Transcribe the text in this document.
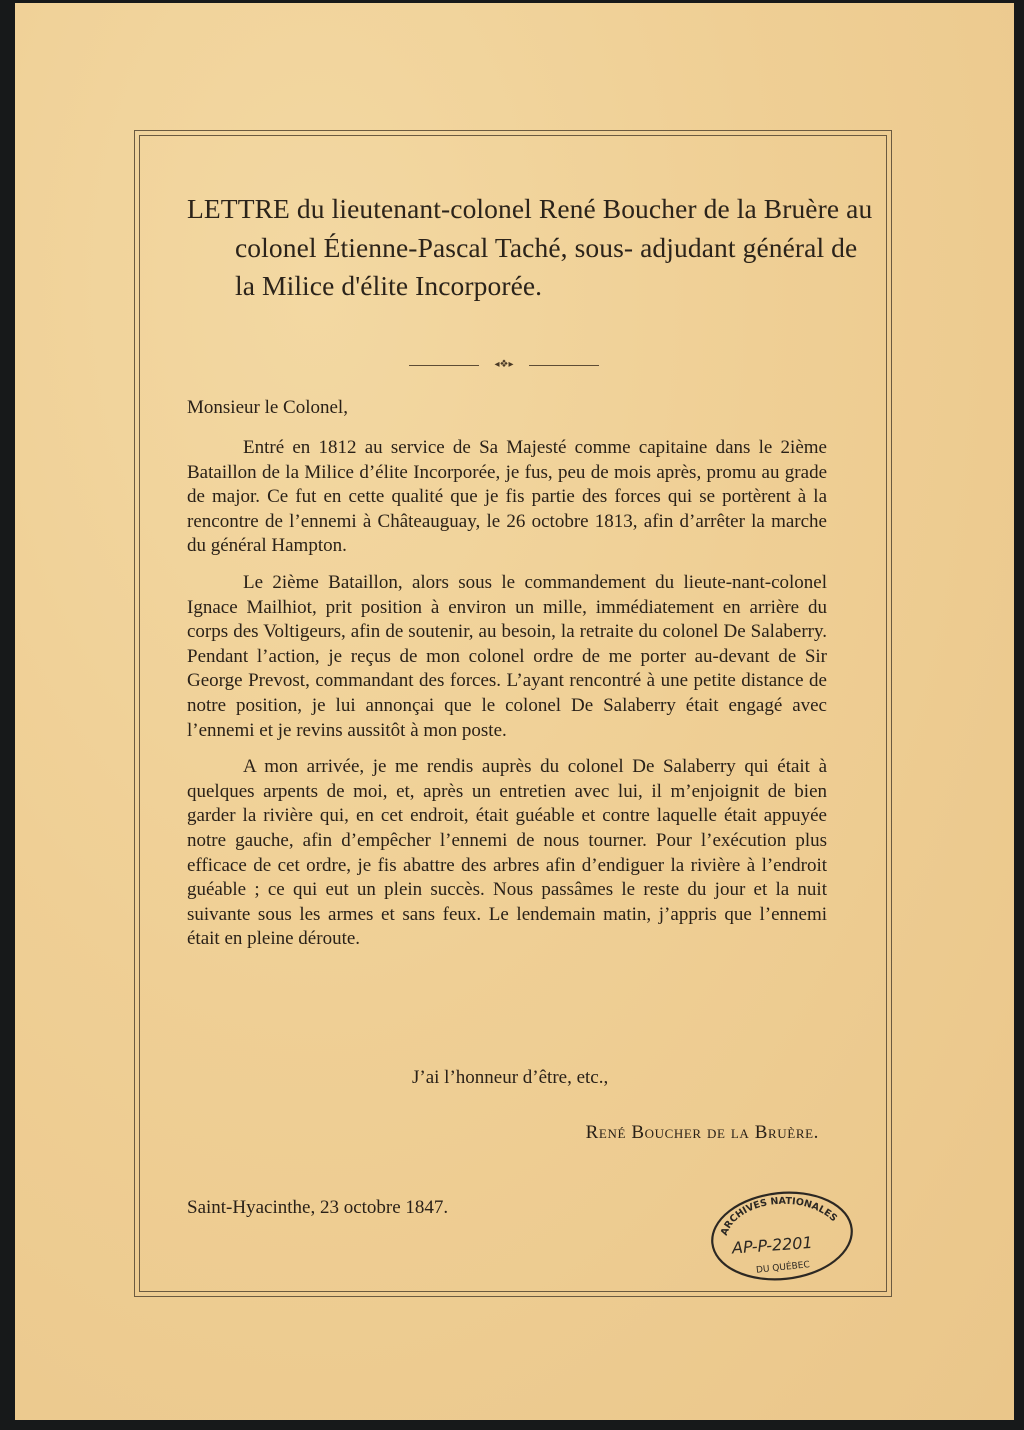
LETTRE du lieutenant-colonel René Boucher de la Bruère au colonel Étienne-Pascal Taché, sous- adjudant général de la Milice d'élite Incorporée.
◂❖▸
Monsieur le Colonel,

Entré en 1812 au service de Sa Majesté comme capitaine dans le 2ième Bataillon de la Milice d’élite Incorporée, je fus, peu de mois après, promu au grade de major. Ce fut en cette qualité que je fis partie des forces qui se portèrent à la rencontre de l’ennemi à Châteauguay, le 26 octobre 1813, afin d’arrêter la marche du général Hampton.

Le 2ième Bataillon, alors sous le commandement du lieute-nant-colonel Ignace Mailhiot, prit position à environ un mille, immédiatement en arrière du corps des Voltigeurs, afin de soutenir, au besoin, la retraite du colonel De Salaberry. Pendant l’action, je reçus de mon colonel ordre de me porter au-devant de Sir George Prevost, commandant des forces. L’ayant rencontré à une petite distance de notre position, je lui annonçai que le colonel De Salaberry était engagé avec l’ennemi et je revins aussitôt à mon poste.

A mon arrivée, je me rendis auprès du colonel De Salaberry qui était à quelques arpents de moi, et, après un entretien avec lui, il m’enjoignit de bien garder la rivière qui, en cet endroit, était guéable et contre laquelle était appuyée notre gauche, afin d’empêcher l’ennemi de nous tourner. Pour l’exécution plus efficace de cet ordre, je fis abattre des arbres afin d’endiguer la rivière à l’endroit guéable ; ce qui eut un plein succès. Nous passâmes le reste du jour et la nuit suivante sous les armes et sans feux. Le lendemain matin, j’appris que l’ennemi était en pleine déroute.

J’ai l’honneur d’être, etc.,
René Boucher de la Bruère.
Saint-Hyacinthe, 23 octobre 1847.
ARCHIVES NATIONALES
AP-P-2201
DU QUÉBEC
